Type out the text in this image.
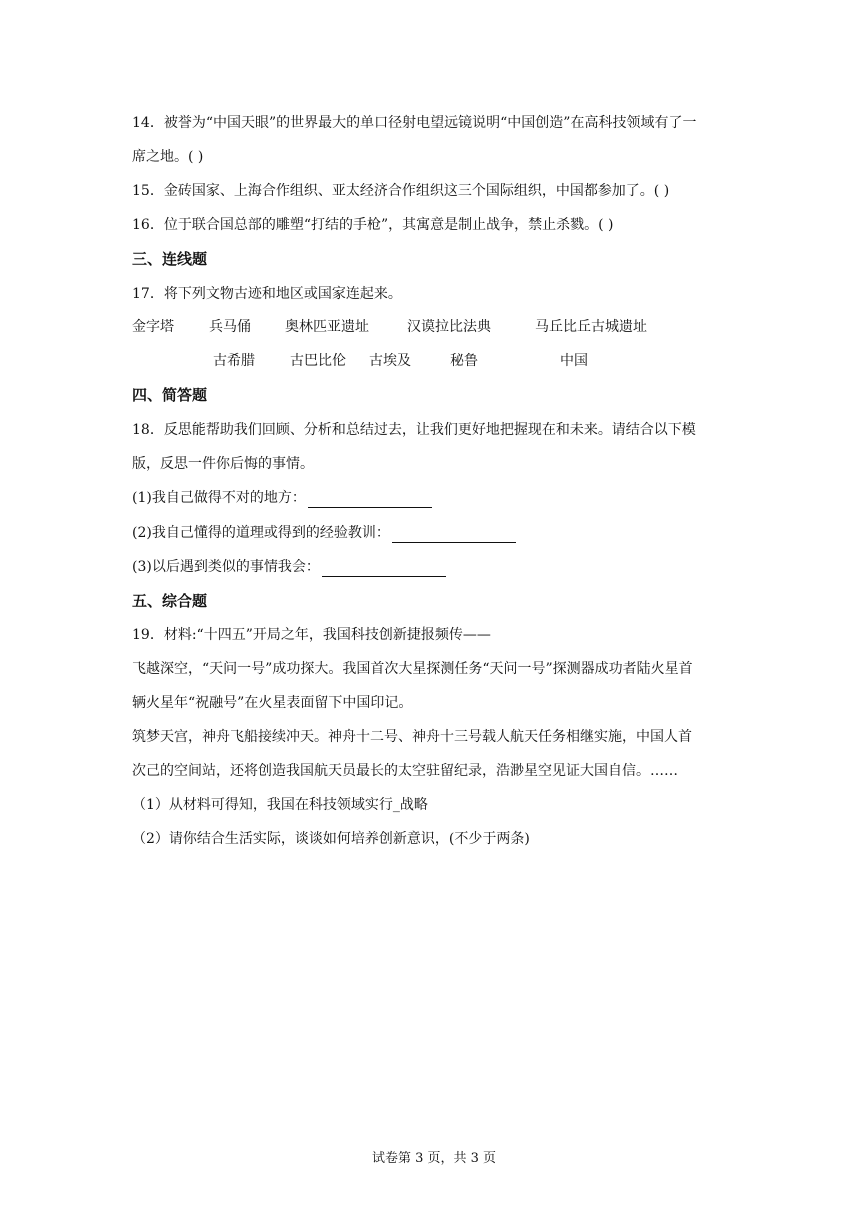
14．被誉为“中国天眼”的世界最大的单口径射电望远镜说明“中国创造”在高科技领域有了一
席之地。( )
15．金砖国家、上海合作组织、亚太经济合作组织这三个国际组织，中国都参加了。( )
16．位于联合国总部的雕塑“打结的手枪”，其寓意是制止战争，禁止杀戮。( )
三、连线题
17．将下列文物古迹和地区或国家连起来。
金字塔	兵马俑 奥林匹亚遗址	汉谟拉比法典	马丘比丘古城遗址
古希腊	古巴比伦 古埃及	秘鲁	中国
四、简答题
18．反思能帮助我们回顾、分析和总结过去，让我们更好地把握现在和未来。请结合以下模
版，反思一件你后悔的事情。
(1)我自己做得不对的地方：
(2)我自己懂得的道理或得到的经验教训：
(3)以后遇到类似的事情我会：
五、综合题
19．材料:“十四五”开局之年，我国科技创新捷报频传——
飞越深空，“天问一号”成功探大。我国首次大星探测任务“天问一号”探测器成功者陆火星首
辆火星年“祝融号”在火星表面留下中国印记。
筑梦天宫，神舟飞船接续冲天。神舟十二号、神舟十三号载人航天任务相继实施，中国人首
次己的空间站，还将创造我国航天员最长的太空驻留纪录，浩渺星空见证大国自信。……
（1）从材料可得知，我国在科技领域实行_战略
（2）请你结合生活实际，谈谈如何培养创新意识，(不少于两条)
试卷第 3 页，共 3 页
